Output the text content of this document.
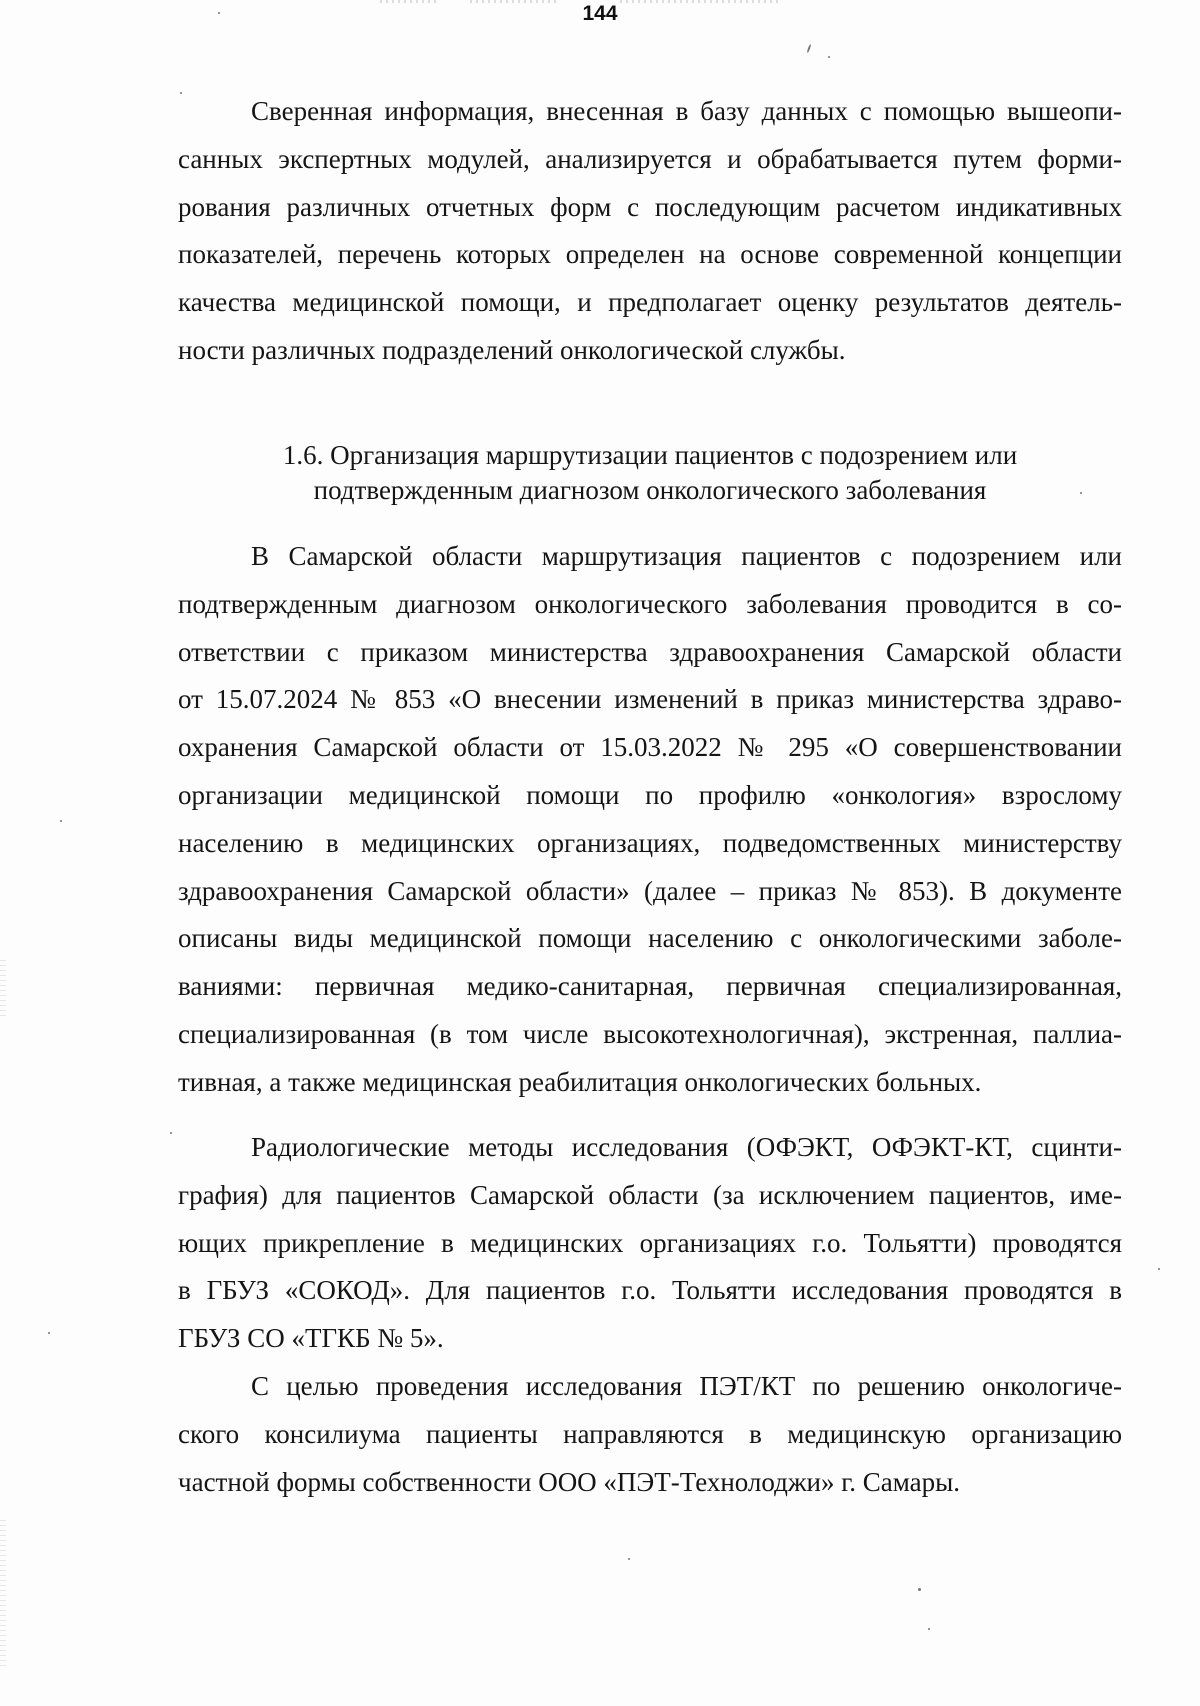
144

Сверенная информация, внесенная в базу данных с помощью вышеопи-
санных экспертных модулей, анализируется и обрабатывается путем форми-
рования различных отчетных форм с последующим расчетом индикативных
показателей, перечень которых определен на основе современной концепции
качества медицинской помощи, и предполагает оценку результатов деятель-
ности различных подразделений онкологической службы.

1.6. Организация маршрутизации пациентов с подозрением или
подтвержденным диагнозом онкологического заболевания

В Самарской области маршрутизация пациентов с подозрением или
подтвержденным диагнозом онкологического заболевания проводится в со-
ответствии с приказом министерства здравоохранения Самарской области
от 15.07.2024 № 853 «О внесении изменений в приказ министерства здраво-
охранения Самарской области от 15.03.2022 № 295 «О совершенствовании
организации медицинской помощи по профилю «онкология» взрослому
населению в медицинских организациях, подведомственных министерству
здравоохранения Самарской области» (далее – приказ № 853). В документе
описаны виды медицинской помощи населению с онкологическими заболе-
ваниями: первичная медико-санитарная, первичная специализированная,
специализированная (в том числе высокотехнологичная), экстренная, паллиа-
тивная, а также медицинская реабилитация онкологических больных.

Радиологические методы исследования (ОФЭКТ, ОФЭКТ-КТ, сцинти-
графия) для пациентов Самарской области (за исключением пациентов, име-
ющих прикрепление в медицинских организациях г.о. Тольятти) проводятся
в ГБУЗ «СОКОД». Для пациентов г.о. Тольятти исследования проводятся в
ГБУЗ СО «ТГКБ № 5».

С целью проведения исследования ПЭТ/КТ по решению онкологиче-
ского консилиума пациенты направляются в медицинскую организацию
частной формы собственности ООО «ПЭТ-Технолоджи» г. Самары.
